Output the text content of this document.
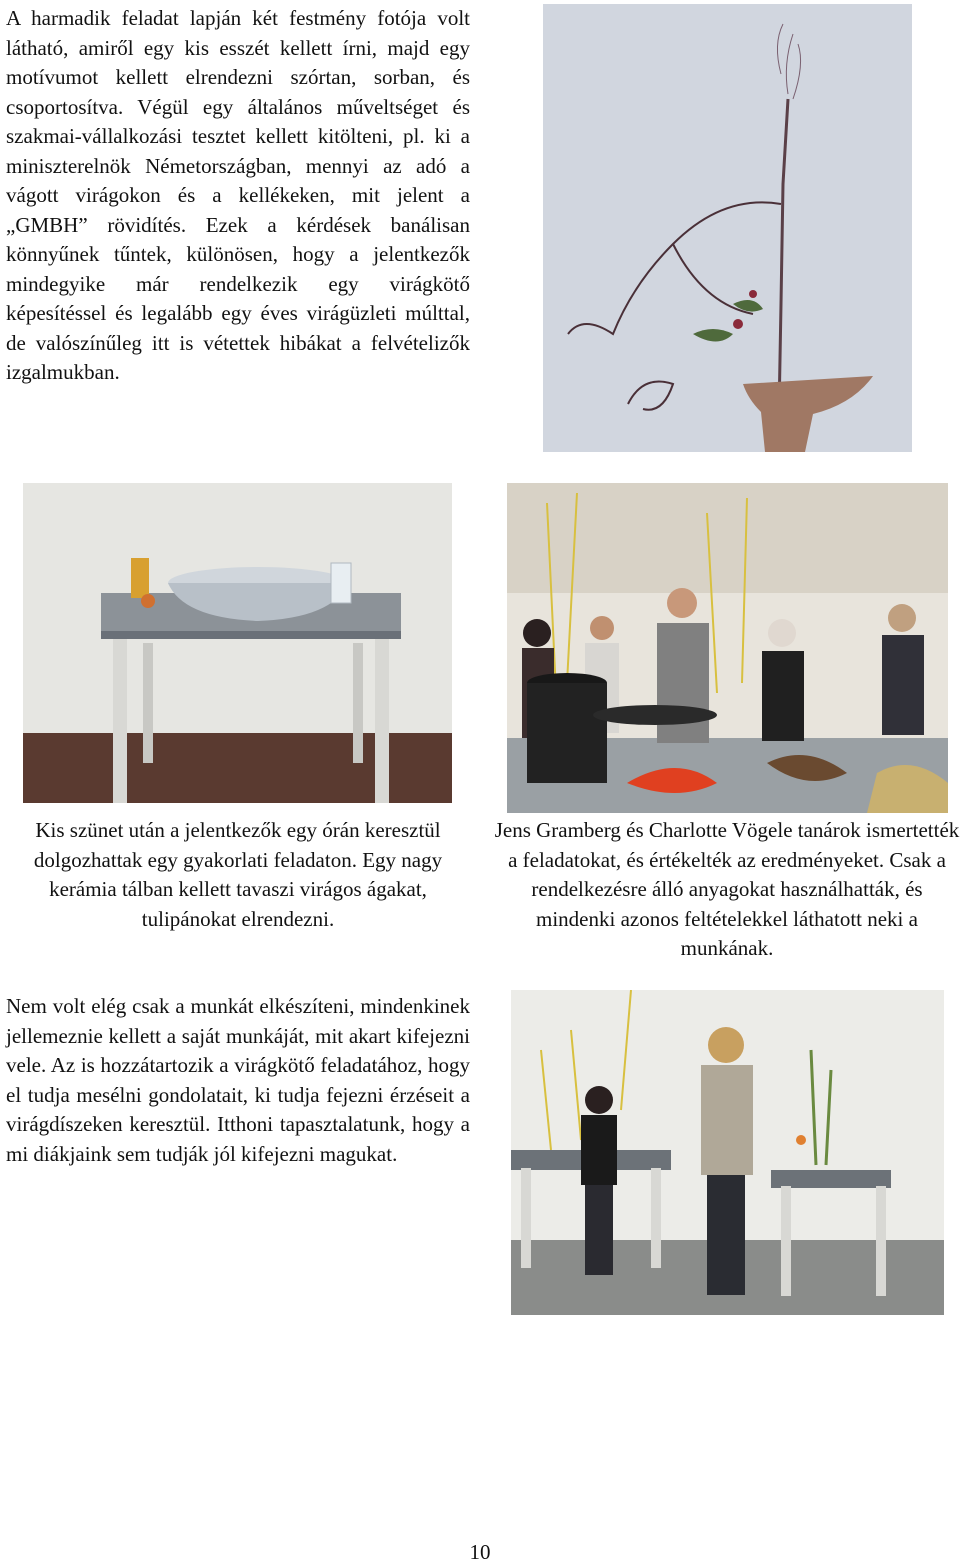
A harmadik feladat lapján két festmény fotója volt látható, amiről egy kis esszét kellett írni, majd egy motívumot kellett elrendezni szórtan, sorban, és csoportosítva. Végül egy általános műveltséget és szakmai-vállalkozási tesztet kellett kitölteni, pl. ki a miniszterelnök Németországban, mennyi az adó a vágott virágokon és a kellékeken, mit jelent a „GMBH” rövidítés. Ezek a kérdések banálisan könnyűnek tűntek, különösen, hogy a jelentkezők mindegyike már rendelkezik egy virágkötő képesítéssel és legalább egy éves virágüzleti múlttal, de valószínűleg itt is vétettek hibákat a felvételizők izgalmukban.

Kis szünet után a jelentkezők egy órán keresztül dolgozhattak egy gyakorlati feladaton. Egy nagy kerámia tálban kellett tavaszi virágos ágakat, tulipánokat elrendezni.

Jens Gramberg és Charlotte Vögele tanárok ismertették a feladatokat, és értékelték az eredményeket. Csak a rendelkezésre álló anyagokat használhatták, és mindenki azonos feltételekkel láthatott neki a munkának.

Nem volt elég csak a munkát elkészíteni, mindenkinek jellemeznie kellett a saját munkáját, mit akart kifejezni vele. Az is hozzátartozik a virágkötő feladatához, hogy el tudja mesélni gondolatait, ki tudja fejezni érzéseit a virágdíszeken keresztül. Itthoni tapasztalatunk, hogy a mi diákjaink sem tudják jól kifejezni magukat.

10
